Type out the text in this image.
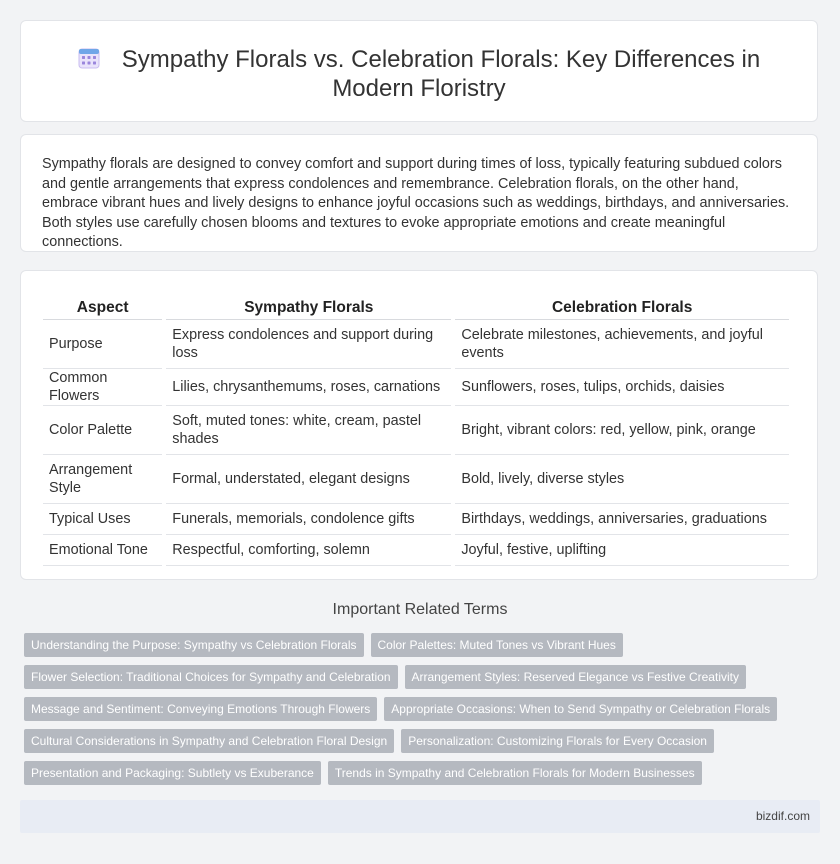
Sympathy Florals vs. Celebration Florals: Key Differences in Modern Floristry

Sympathy florals are designed to convey comfort and support during times of loss, typically featuring subdued colors and gentle arrangements that express condolences and remembrance. Celebration florals, on the other hand, embrace vibrant hues and lively designs to enhance joyful occasions such as weddings, birthdays, and anniversaries. Both styles use carefully chosen blooms and textures to evoke appropriate emotions and create meaningful connections.

Aspect	Sympathy Florals	Celebration Florals
Purpose	Express condolences and support during loss	Celebrate milestones, achievements, and joyful events
Common Flowers	Lilies, chrysanthemums, roses, carnations	Sunflowers, roses, tulips, orchids, daisies
Color Palette	Soft, muted tones: white, cream, pastel shades	Bright, vibrant colors: red, yellow, pink, orange
Arrangement Style	Formal, understated, elegant designs	Bold, lively, diverse styles
Typical Uses	Funerals, memorials, condolence gifts	Birthdays, weddings, anniversaries, graduations
Emotional Tone	Respectful, comforting, solemn	Joyful, festive, uplifting
Important Related Terms
Understanding the Purpose: Sympathy vs Celebration Florals Color Palettes: Muted Tones vs Vibrant Hues
Flower Selection: Traditional Choices for Sympathy and Celebration Arrangement Styles: Reserved Elegance vs Festive Creativity
Message and Sentiment: Conveying Emotions Through Flowers Appropriate Occasions: When to Send Sympathy or Celebration Florals
Cultural Considerations in Sympathy and Celebration Floral Design Personalization: Customizing Florals for Every Occasion
Presentation and Packaging: Subtlety vs Exuberance Trends in Sympathy and Celebration Florals for Modern Businesses
bizdif.com
